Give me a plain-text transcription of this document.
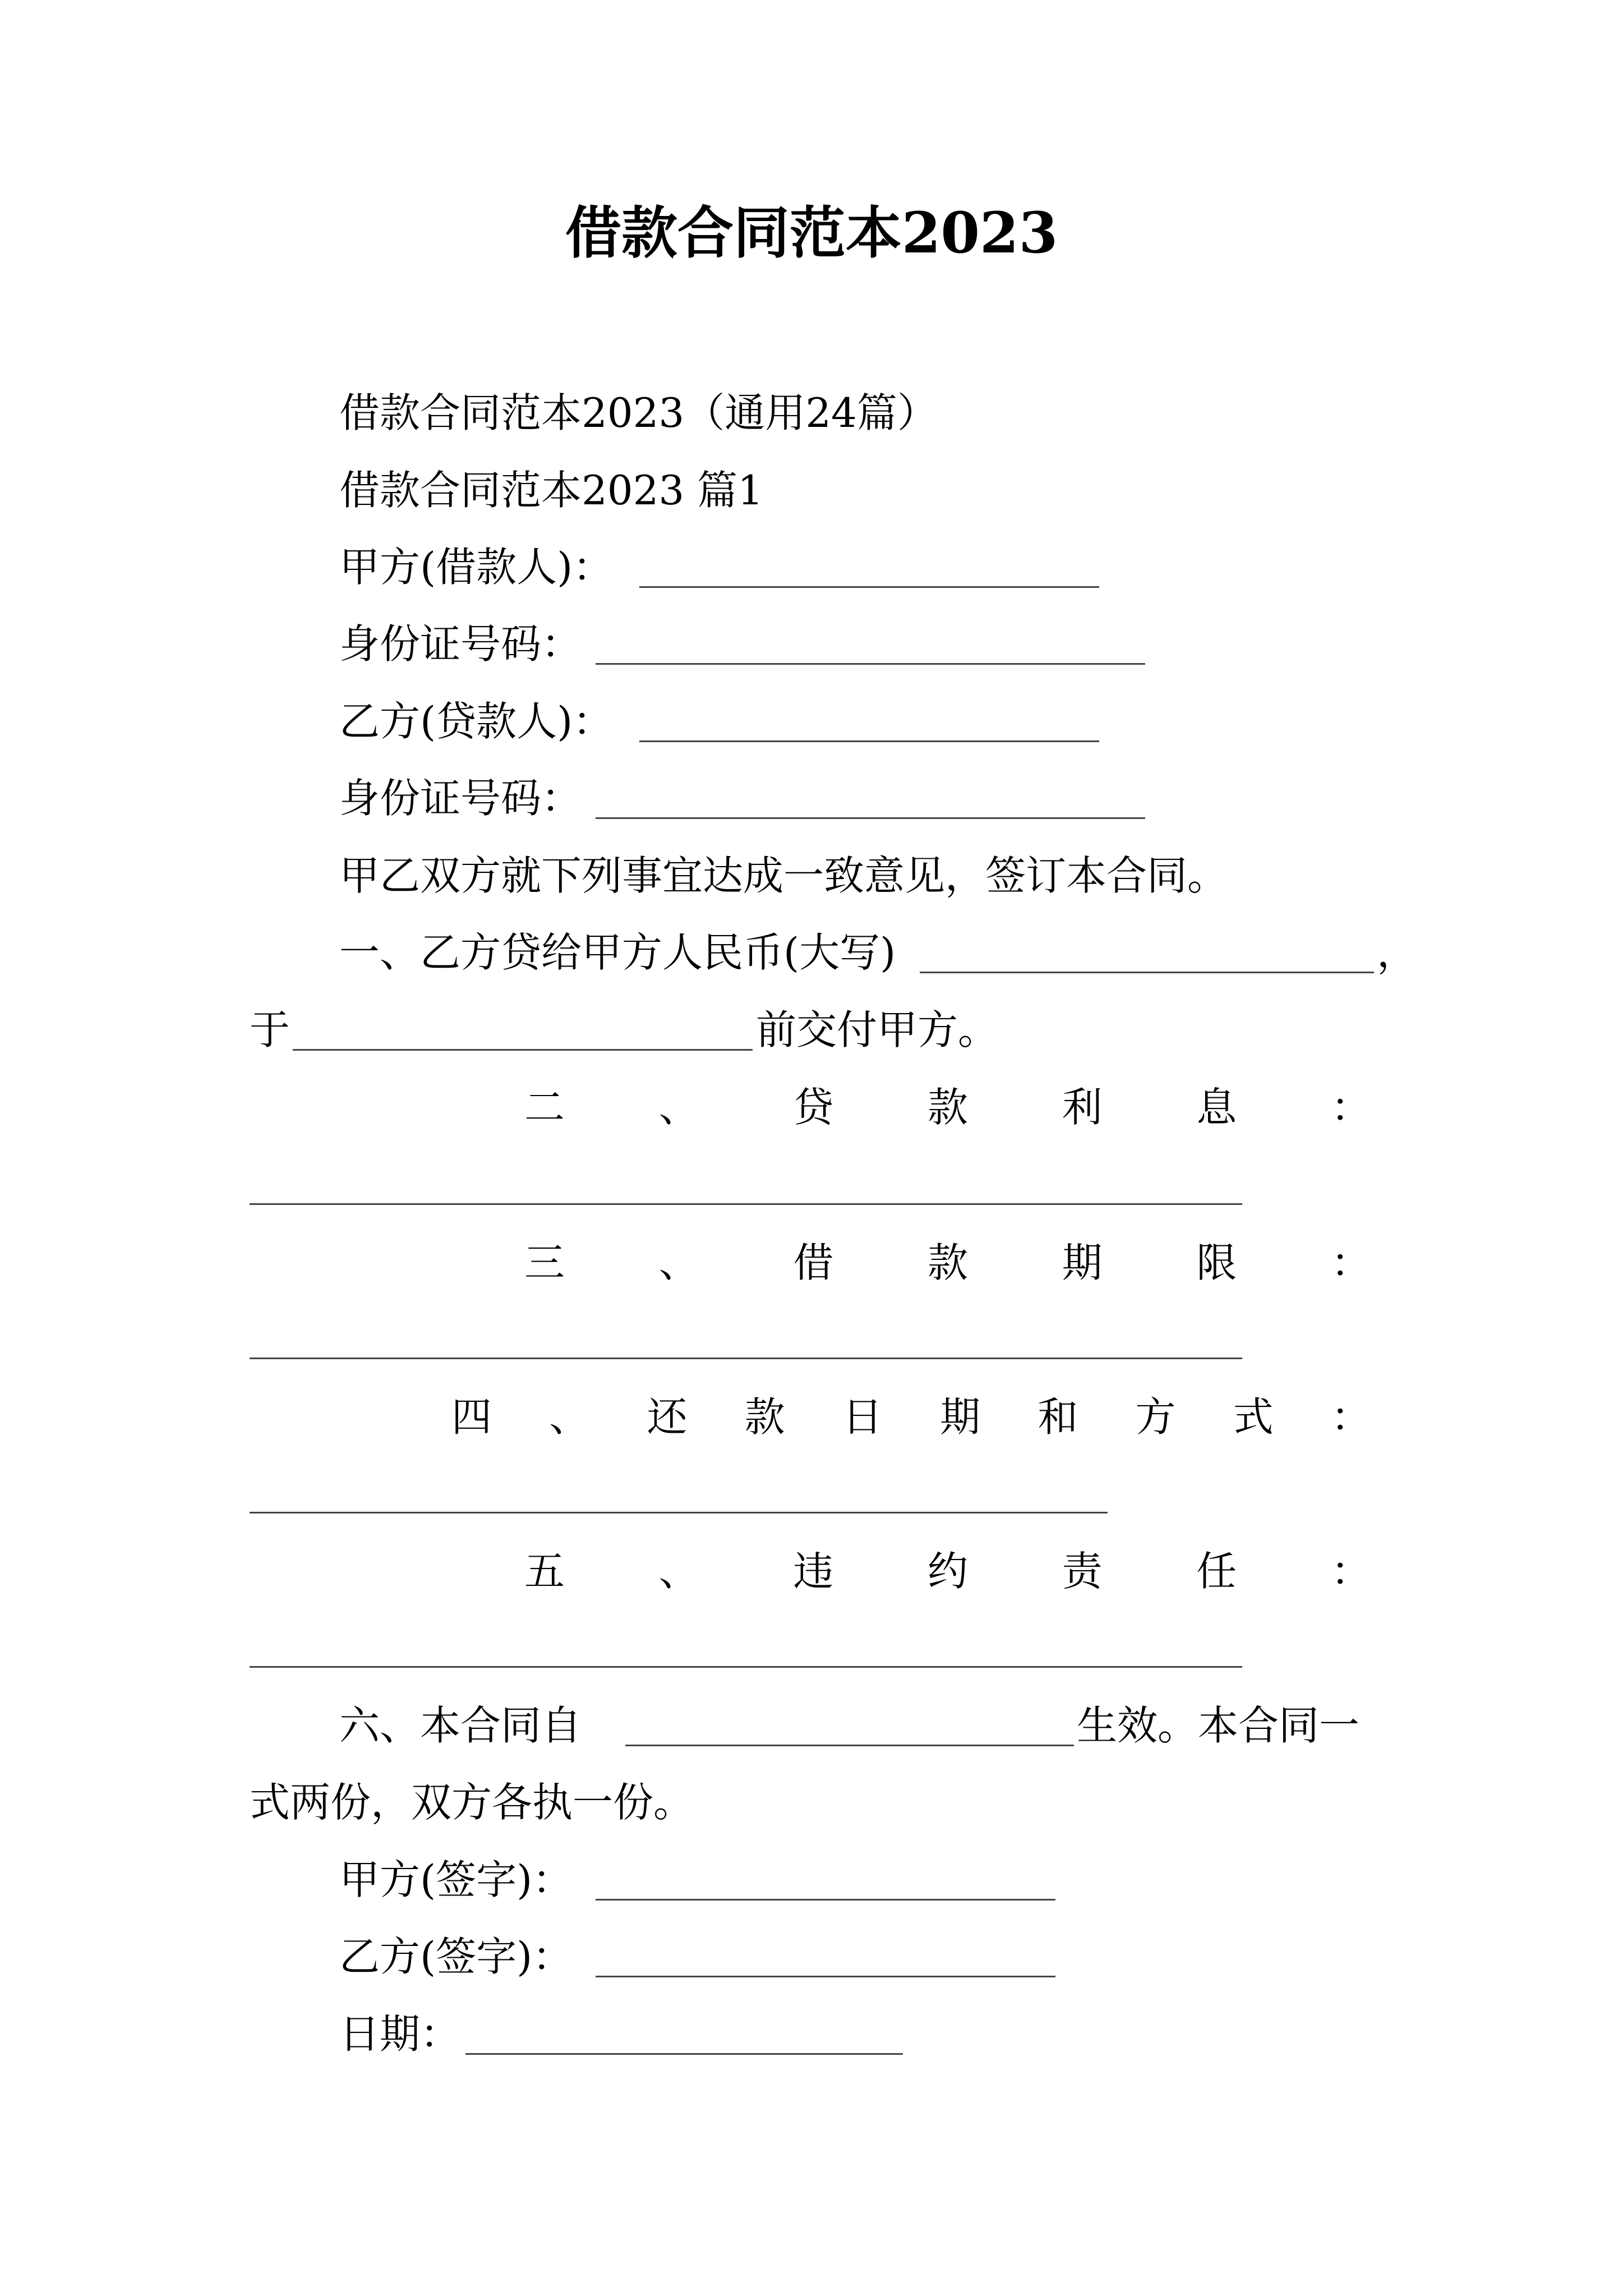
借款合同范本2023
借款合同范本2023（通用24篇）
借款合同范本2023 篇1
甲方(借款人)：
身份证号码：
乙方(贷款人)：
身份证号码：
甲乙双方就下列事宜达成一致意见，签订本合同。
一、乙方贷给甲方人民币(大写)	，
于	前交付甲方。
二 、 贷 款 利 息 ：
三 、 借 款 期 限 ：
四 、 还 款 日 期 和 方 式 ：
五 、 违 约 责 任 ：
六、本合同自	生效。本合同一
式两份，双方各执一份。
甲方(签字)：
乙方(签字)：
日期：
